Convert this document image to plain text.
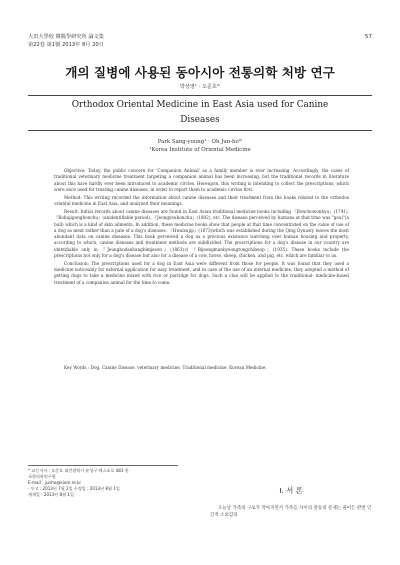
大田大學校 韓醫學硏究所 論文集
第22卷 第1號 2013年 8月 20日
57
개의 질병에 사용된 동아시아 전통의학 처방 연구
박상영¹ · 오준호²⁾
Orthodox Oriental Medicine in East Asia used for Canine Diseases
Park Sang-young¹ · Oh Jun-ho²⁾
¹Korea Institute of Oriental Medicine

Objective: Today, the public concern for 'Companion Animal' as a family member is ever increasing. Accordingly, the cases of traditional veterinary medicine treatment targeting a companion animal has been increasing, but the traditional records in literature about this have hardly ever been introduced to academic circles. Hereupon, this writing is intending to collect the prescriptions, which were once used for treating canine diseases, in order to report them to academic circles first.

Method: This writing recorded the information about canine diseases and their treatment from the books related to the orthodox oriental medicine in East Asia, and analyzed their meanings.

Result: Initial records about canine diseases are found in East Asian traditional medicine books including 『Bonchowonbyu』(1741), 『Bohujigongbonchu』(anidentifiable period), 『Jeongyeubonchu』(1802), etc. The disease perceived by humans at that time was "goui"(a bull) which is a kind of skin ailments. In addition, these medicine books show that people at that time concentrated on the value of use of a dog as meat rather than a pale of a dog's diseases. 『Hwalsujip』(1673)which was established during the Qing Dynasty leaves the most abundant data on canine diseases. This book perceived a dog as a precious existence watching over human housing and property, according to which, canine diseases and treatment methods are subdivided. The prescriptions for a dog's disease in our country are identifiable only in 『Jeungbodaebangbimjeson』(1863)과 『Bijeongmanbyeongtongchibeop』(1935). These books include the prescriptions not only for a dog's disease but also for a disease of a cow, horse, sheep, chicken, and pig, etc. which are familiar to us.

Conclusion: The prescriptions used for a dog in East Asia were different from those for people. It was found that they used a medicine noticeably for external application for easy treatment, and in case of the use of an internal medicine, they adopted a method of getting dogs to take a medicine mixed with rice or porridge for dogs. Such a clue will be applied to the traditional- medicine-based treatment of a companion animal for the time to come.

Key Words : Dog, Canine Disease, veterinary medicine, Traditional medicine, Korean Medicine.
* 교신저자 : 오준호 대전광역시 유성구 엑스포로 483 한
국한의학연구원
E-mail : junho@kiom.re.kr
· 투고 : 2013년 7월 2일 수정일 : 2013년 8월 1일
게재일 : 2013년 8월 1일	I. 서 론
오늘날 가족의 구로가 작아지면서 가족들 사이의 갈등의 문제는 줄어든 반면 인간적 소외감과
